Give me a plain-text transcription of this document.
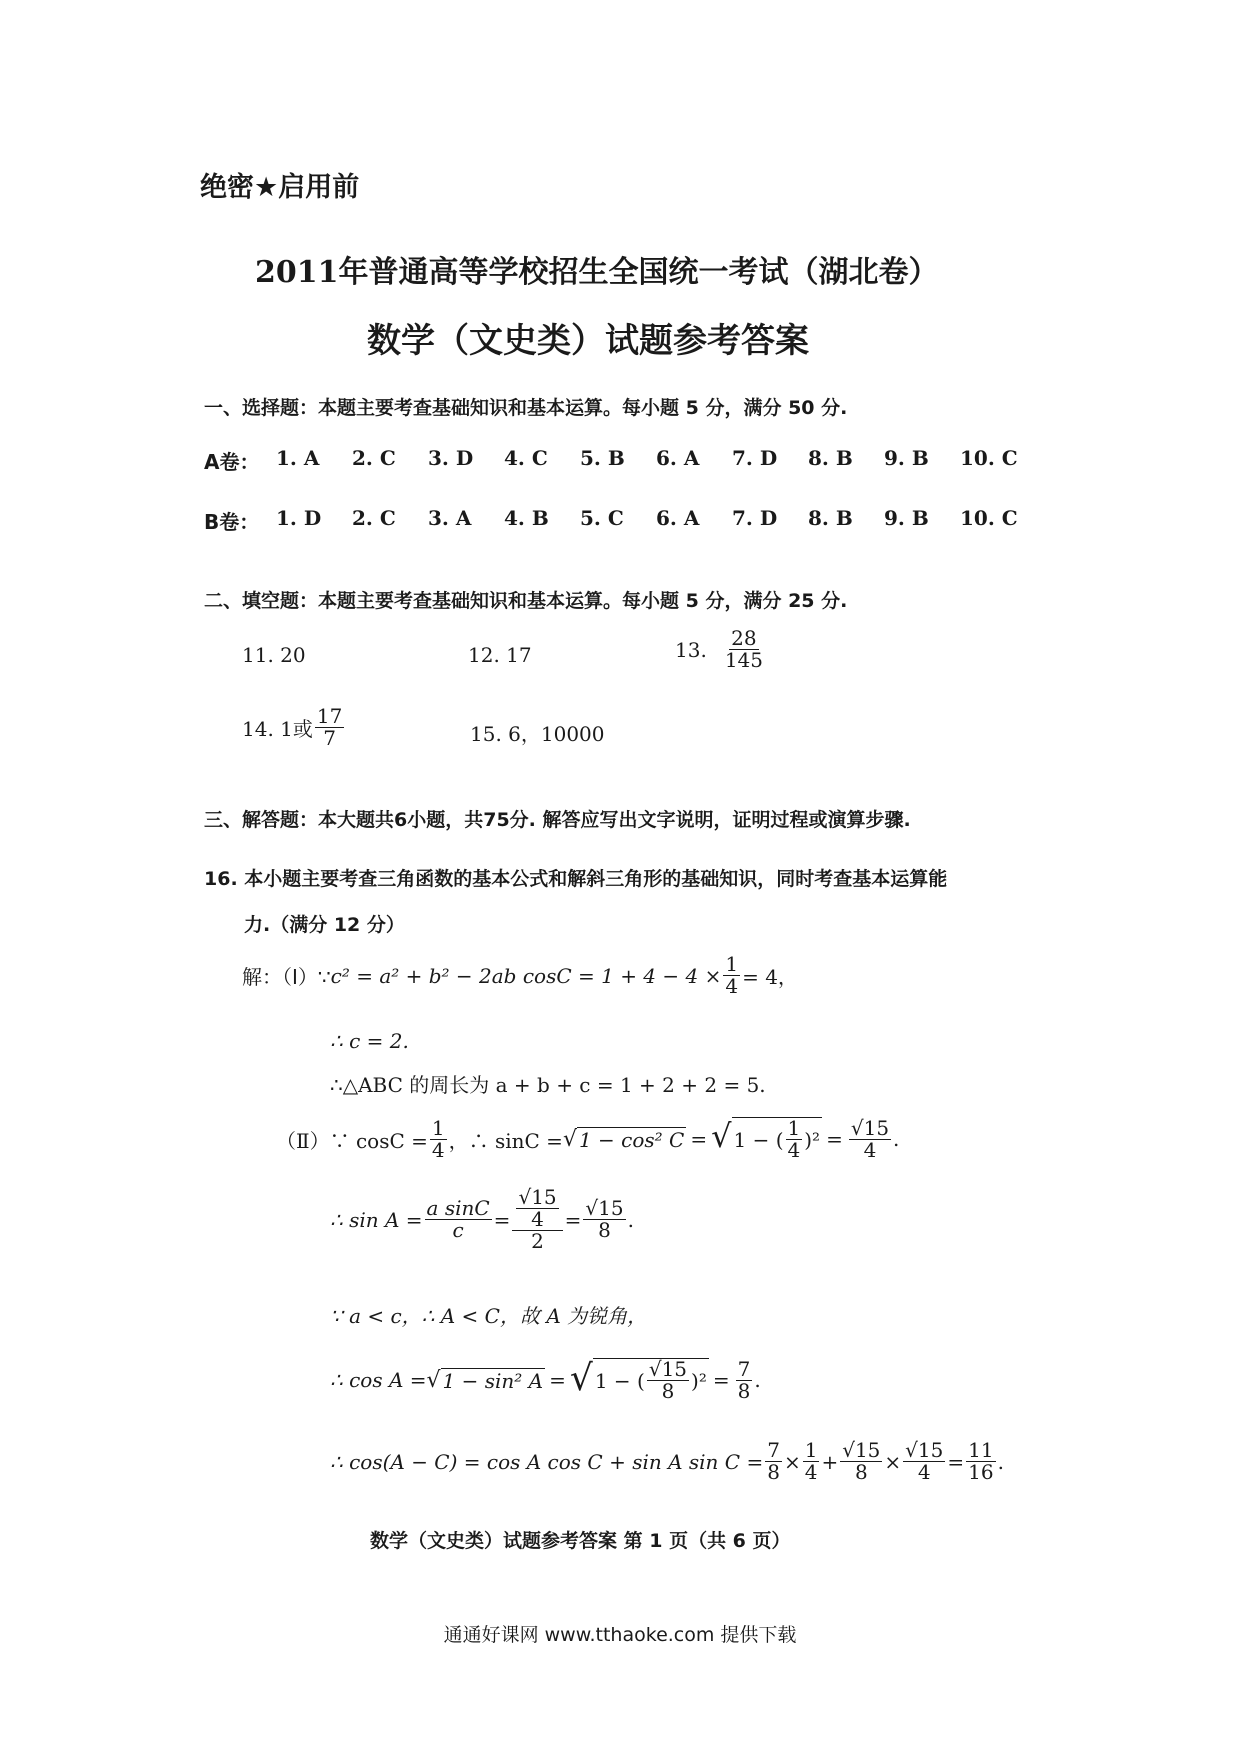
绝密★启用前
2011年普通高等学校招生全国统一考试（湖北卷）
数学（文史类）试题参考答案
一、选择题：本题主要考查基础知识和基本运算。每小题 5 分，满分 50 分.
A卷： 1. A	2. C	3. D	4. C	5. B	6. A	7. D	8. B	9. B	10. C
B卷： 1. D	2. C	3. A	4. B	5. C	6. A	7. D	8. B	9. B	10. C
二、填空题：本题主要考查基础知识和基本运算。每小题 5 分，满分 25 分.
11. 20	12. 17	13. $\frac{28}{145}$
14. 1或 $\frac{17}{7}$	15. 6，10000
三、解答题：本大题共6小题，共75分. 解答应写出文字说明，证明过程或演算步骤.
16. 本小题主要考查三角函数的基本公式和解斜三角形的基础知识，同时考查基本运算能
力.（满分 12 分）
解：（Ⅰ）∵ c² = a² + b² − 2ab $\cos C = 1 + 4 - 4 \times \frac{1}{4} = 4$，
∴ c = 2.
∴△ABC 的周长为 a + b + c = 1 + 2 + 2 = 5.
（Ⅱ）∵ $\cos C = \frac{1}{4}$ ，∴ sinC = √ 1 − cos² C = √ 1 − ( $\frac{1}{4} )^2 = \frac{√15}{4}$ .
∴ $\sin A = \frac{\text{a sinC}}{c} = \frac{\frac{√15}{4}}{2} = \frac{√15}{8}$ .
∵ a < c，∴ A < C，故 A 为锐角，
∴ cos A = √ 1 − sin² A = √ 1 − ( $\frac{√15}{8} )^2 = \frac{7}{8}$ .
∴ cos(A − C) = cos A cos C + sin A $\sin C = \frac{7}{8} \times \frac{1}{4} + \frac{√15}{8} \times \frac{√15}{4} = \frac{11}{16}$ .
数学（文史类）试题参考答案 第 1 页（共 6 页）
通通好课网 www.tthaoke.com 提供下载
